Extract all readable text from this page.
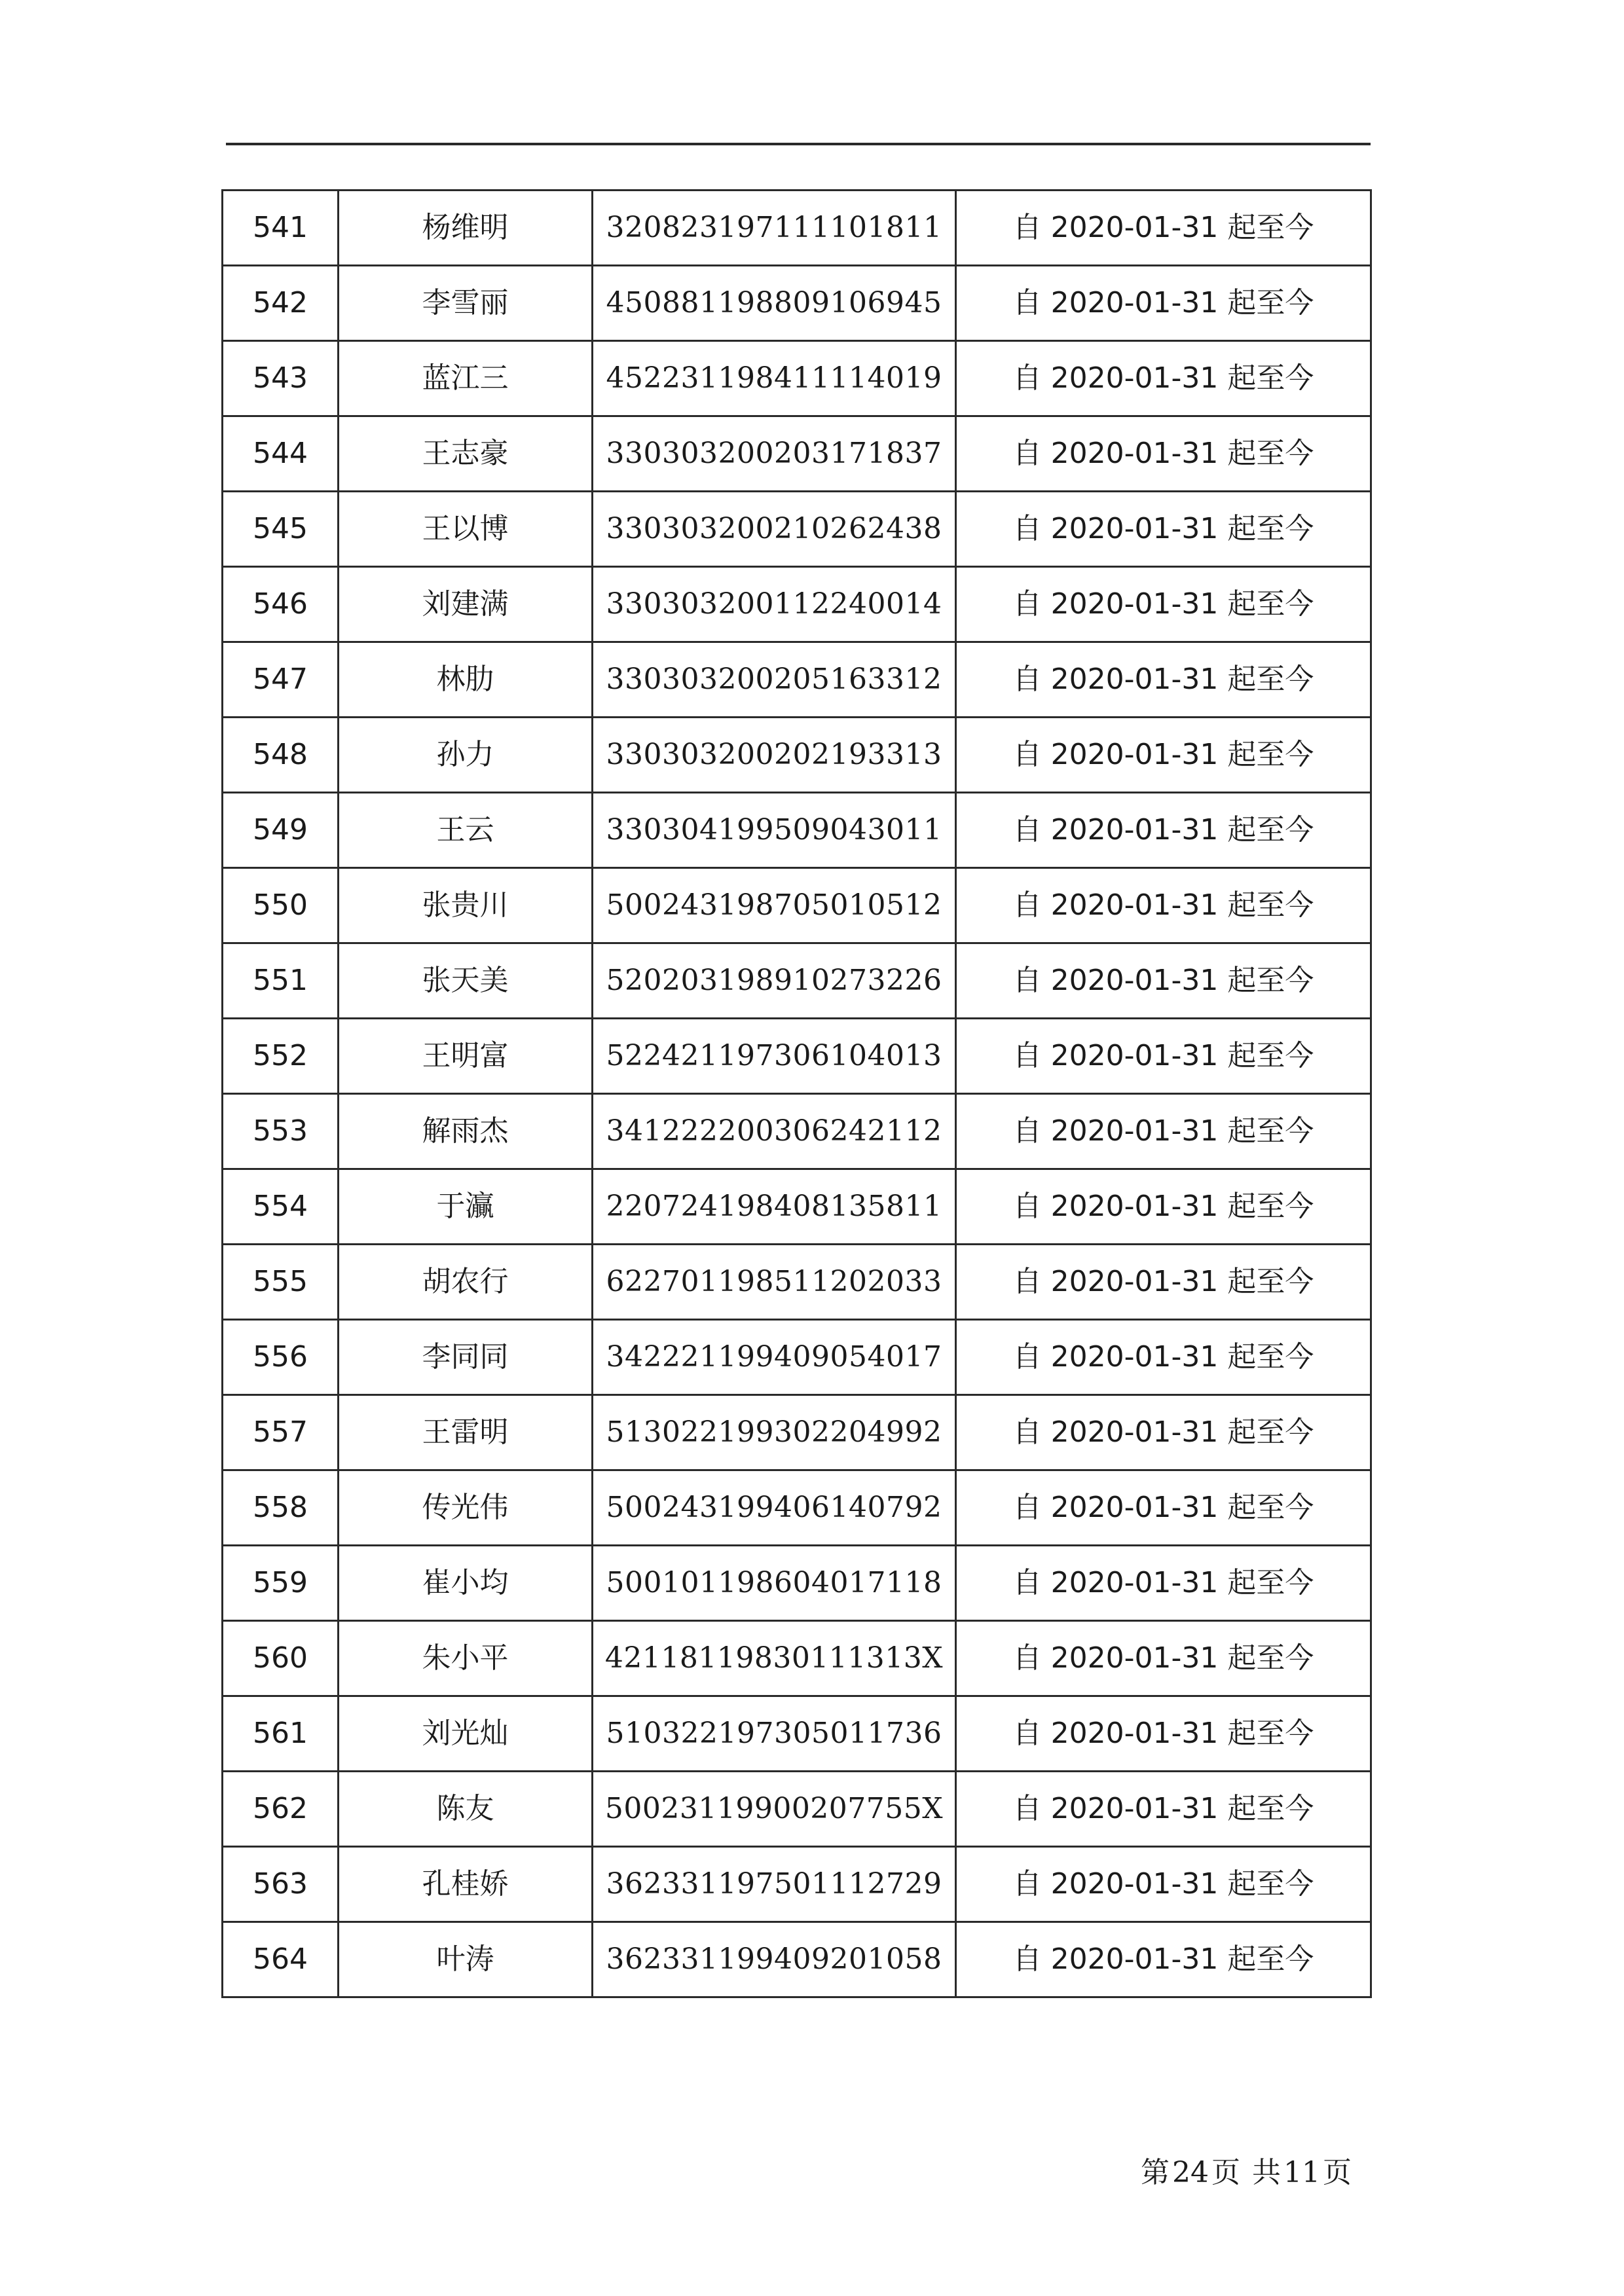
541	杨维明	320823197111101811	自 2020-01-31 起至今
542	李雪丽	450881198809106945	自 2020-01-31 起至今
543	蓝江三	452231198411114019	自 2020-01-31 起至今
544	王志豪	330303200203171837	自 2020-01-31 起至今
545	王以博	330303200210262438	自 2020-01-31 起至今
546	刘建满	330303200112240014	自 2020-01-31 起至今
547	林肋	330303200205163312	自 2020-01-31 起至今
548	孙力	330303200202193313	自 2020-01-31 起至今
549	王云	330304199509043011	自 2020-01-31 起至今
550	张贵川	500243198705010512	自 2020-01-31 起至今
551	张天美	520203198910273226	自 2020-01-31 起至今
552	王明富	522421197306104013	自 2020-01-31 起至今
553	解雨杰	341222200306242112	自 2020-01-31 起至今
554	于灜	220724198408135811	自 2020-01-31 起至今
555	胡农行	622701198511202033	自 2020-01-31 起至今
556	李同同	342221199409054017	自 2020-01-31 起至今
557	王雷明	513022199302204992	自 2020-01-31 起至今
558	传光伟	500243199406140792	自 2020-01-31 起至今
559	崔小均	500101198604017118	自 2020-01-31 起至今
560	朱小平	42118119830111313X	自 2020-01-31 起至今
561	刘光灿	510322197305011736	自 2020-01-31 起至今
562	陈友	50023119900207755X	自 2020-01-31 起至今
563	孔桂娇	362331197501112729	自 2020-01-31 起至今
564	叶涛	362331199409201058	自 2020-01-31 起至今
第24页 共11页
